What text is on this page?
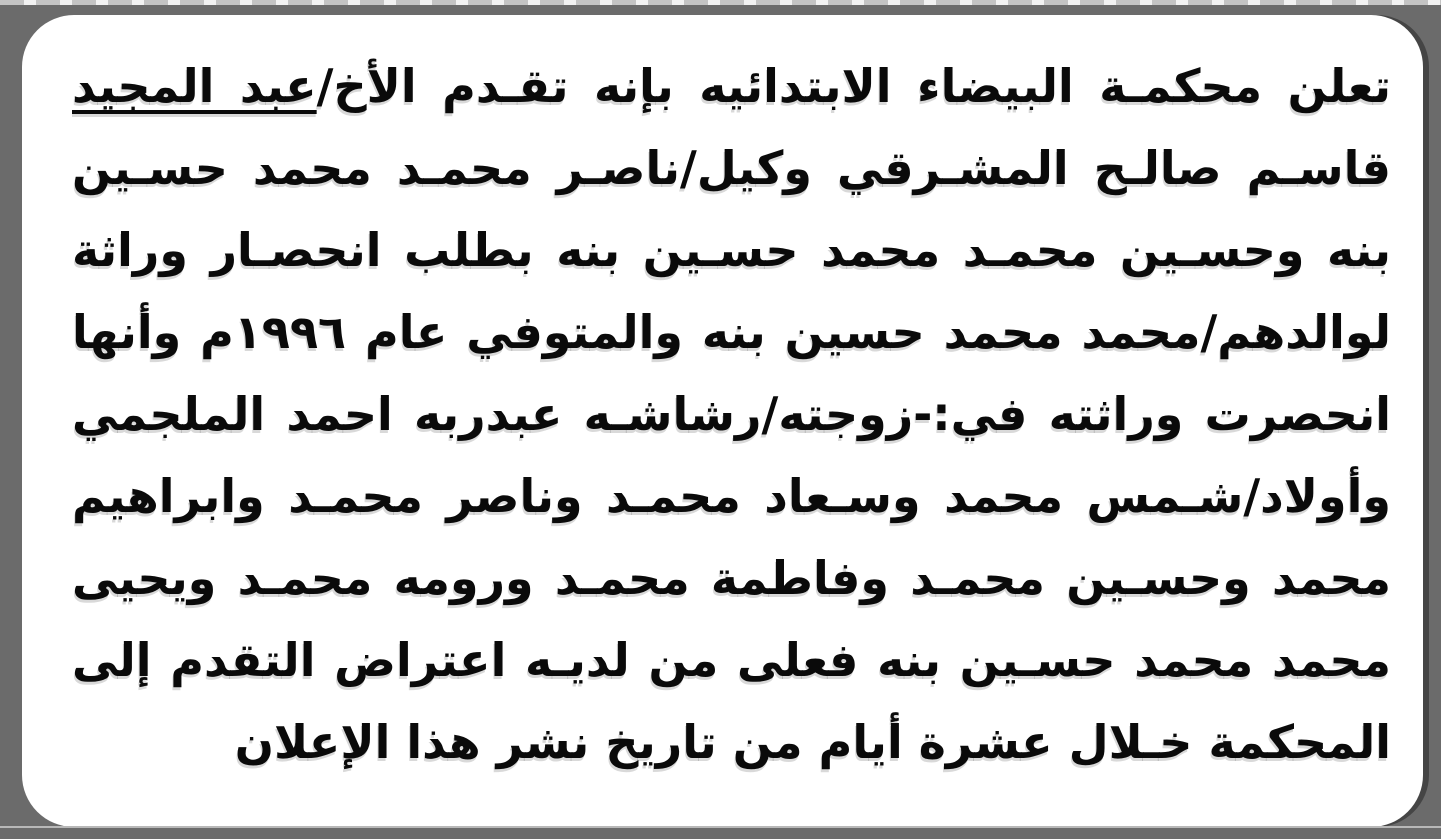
تعلن محكمـة البيضاء الابتدائيه بإنه تقـدم الأخ/عبد المجيد
قاسـم صالـح المشـرقي وكيل/ناصـر محمـد محمد حسـين
بنه وحسـين محمـد محمد حسـين بنه بطلب انحصـار وراثة
لوالدهم/محمد محمد حسين بنه والمتوفي عام ١٩٩٦م وأنها
انحصرت وراثته في:-زوجته/رشاشـه عبدربه احمد الملجمي
وأولاد/شـمس محمد وسـعاد محمـد وناصر محمـد وابراهيم
محمد وحسـين محمـد وفاطمة محمـد ورومه محمـد ويحيى
محمد محمد حسـين بنه فعلى من لديـه اعتراض التقدم إلى
المحكمة خـلال عشرة أيام من تاريخ نشر هذا الإعلان
